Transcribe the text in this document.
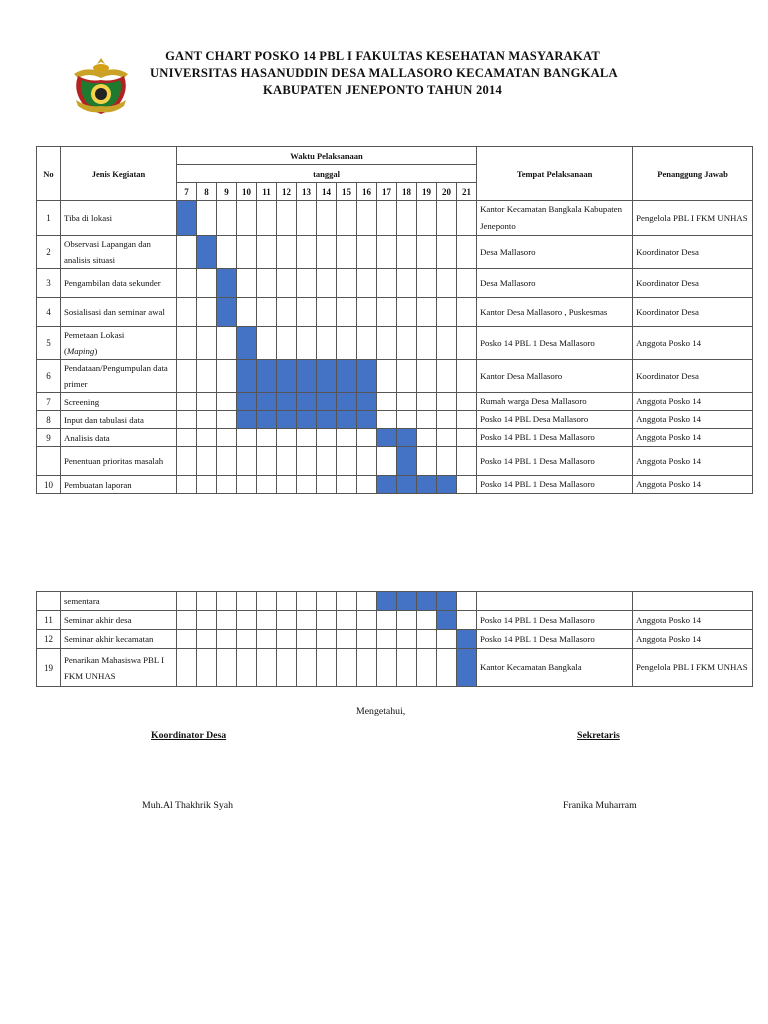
GANT CHART POSKO 14 PBL I FAKULTAS KESEHATAN MASYARAKAT
UNIVERSITAS HASANUDDIN DESA MALLASORO KECAMATAN BANGKALA
KABUPATEN JENEPONTO TAHUN 2014
No	Jenis Kegiatan	Waktu Pelaksanaan															Tempat Pelaksanaan	Penanggung Jawab
		tanggal																
		7	8	9	10	11	12	13	14	15	16	17	18	19	20	21		
1	Tiba di lokasi																Kantor Kecamatan Bangkala Kabupaten Jeneponto	Pengelola PBL I FKM UNHAS
2	Observasi Lapangan dan analisis situasi																Desa Mallasoro	Koordinator Desa
3	Pengambilan data sekunder																Desa Mallasoro	Koordinator Desa
4	Sosialisasi dan seminar awal																Kantor Desa Mallasoro , Puskesmas	Koordinator Desa
5	Pemetaan Lokasi
(Maping)																Posko 14 PBL 1 Desa Mallasoro	Anggota Posko 14
6	Pendataan/Pengumpulan data primer																Kantor Desa Mallasoro	Koordinator Desa
7	Screening																Rumah warga Desa Mallasoro	Anggota Posko 14
8	Input dan tabulasi data																Posko 14 PBL Desa Mallasoro	Anggota Posko 14
9	Analisis data																Posko 14 PBL 1 Desa Mallasoro	Anggota Posko 14
	Penentuan prioritas masalah																Posko 14 PBL 1 Desa Mallasoro	Anggota Posko 14
10	Pembuatan laporan																Posko 14 PBL 1 Desa Mallasoro	Anggota Posko 14
	sementara																	
11	Seminar akhir desa																Posko 14 PBL 1 Desa Mallasoro	Anggota Posko 14
12	Seminar akhir kecamatan																Posko 14 PBL 1 Desa Mallasoro	Anggota Posko 14
19	Penarikan Mahasiswa PBL I FKM UNHAS																Kantor Kecamatan Bangkala	Pengelola PBL I FKM UNHAS
Mengetahui,
Koordinator Desa	Sekretaris
Muh.Al Thakhrik Syah	Franika Muharram
